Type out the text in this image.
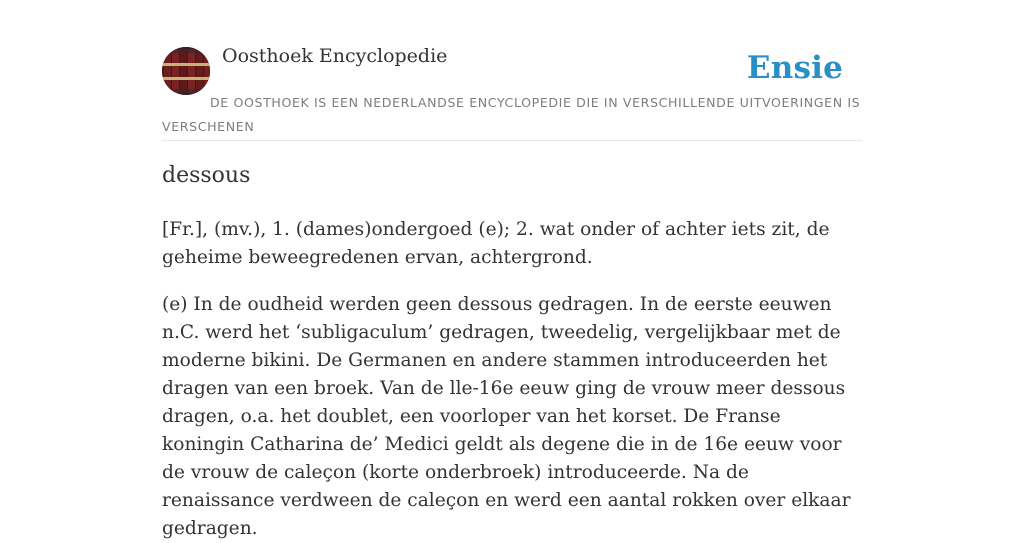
Oosthoek Encyclopedie	Ensie
DE OOSTHOEK IS EEN NEDERLANDSE ENCYCLOPEDIE DIE IN VERSCHILLENDE UITVOERINGEN IS VERSCHENEN
dessous

[Fr.], (mv.), 1. (dames)ondergoed (e); 2. wat onder of achter iets zit, de geheime beweegredenen ervan, achtergrond.

(e) In de oudheid werden geen dessous gedragen. In de eerste eeuwen n.C. werd het ‘subligaculum’ gedragen, tweedelig, vergelijkbaar met de moderne bikini. De Germanen en andere stammen introduceerden het dragen van een broek. Van de lle-16e eeuw ging de vrouw meer dessous dragen, o.a. het doublet, een voorloper van het korset. De Franse koningin Catharina de’ Medici geldt als degene die in de 16e eeuw voor de vrouw de caleçon (korte onderbroek) introduceerde. Na de renaissance verdween de caleçon en werd een aantal rokken over elkaar gedragen.
